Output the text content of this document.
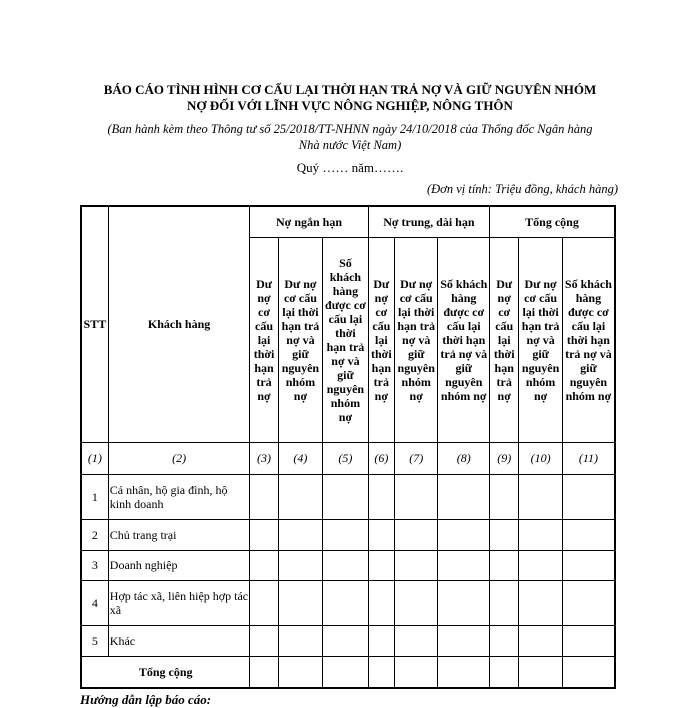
BÁO CÁO TÌNH HÌNH CƠ CẤU LẠI THỜI HẠN TRẢ NỢ VÀ GIỮ NGUYÊN NHÓM
NỢ ĐỐI VỚI LĨNH VỰC NÔNG NGHIỆP, NÔNG THÔN
(Ban hành kèm theo Thông tư số 25/2018/TT-NHNN ngày 24/10/2018 của Thống đốc Ngân hàng
Nhà nước Việt Nam)
Quý …… năm…….
(Đơn vị tính: Triệu đồng, khách hàng)
STT	Khách hàng	Nợ ngắn hạn			Nợ trung, dài hạn			Tổng cộng		
		Dư nợ cơ cấu lại thời hạn trả nợ	Dư nợ cơ cấu lại thời hạn trả nợ và giữ nguyên nhóm nợ	Số khách hàng được cơ cấu lại thời hạn trả nợ và giữ nguyên nhóm nợ	Dư nợ cơ cấu lại thời hạn trả nợ	Dư nợ cơ cấu lại thời hạn trả nợ và giữ nguyên nhóm nợ	Số khách hàng được cơ cấu lại thời hạn trả nợ và giữ nguyên nhóm nợ	Dư nợ cơ cấu lại thời hạn trả nợ	Dư nợ cơ cấu lại thời hạn trả nợ và giữ nguyên nhóm nợ	Số khách hàng được cơ cấu lại thời hạn trả nợ và giữ nguyên nhóm nợ
(1)	(2)	(3)	(4)	(5)	(6)	(7)	(8)	(9)	(10)	(11)
1	Cá nhân, hộ gia đình, hộ kinh doanh									
2	Chủ trang trại									
3	Doanh nghiệp									
4	Hợp tác xã, liên hiệp hợp tác xã									
5	Khác									
Tổng cộng										
Hướng dẫn lập báo cáo:
